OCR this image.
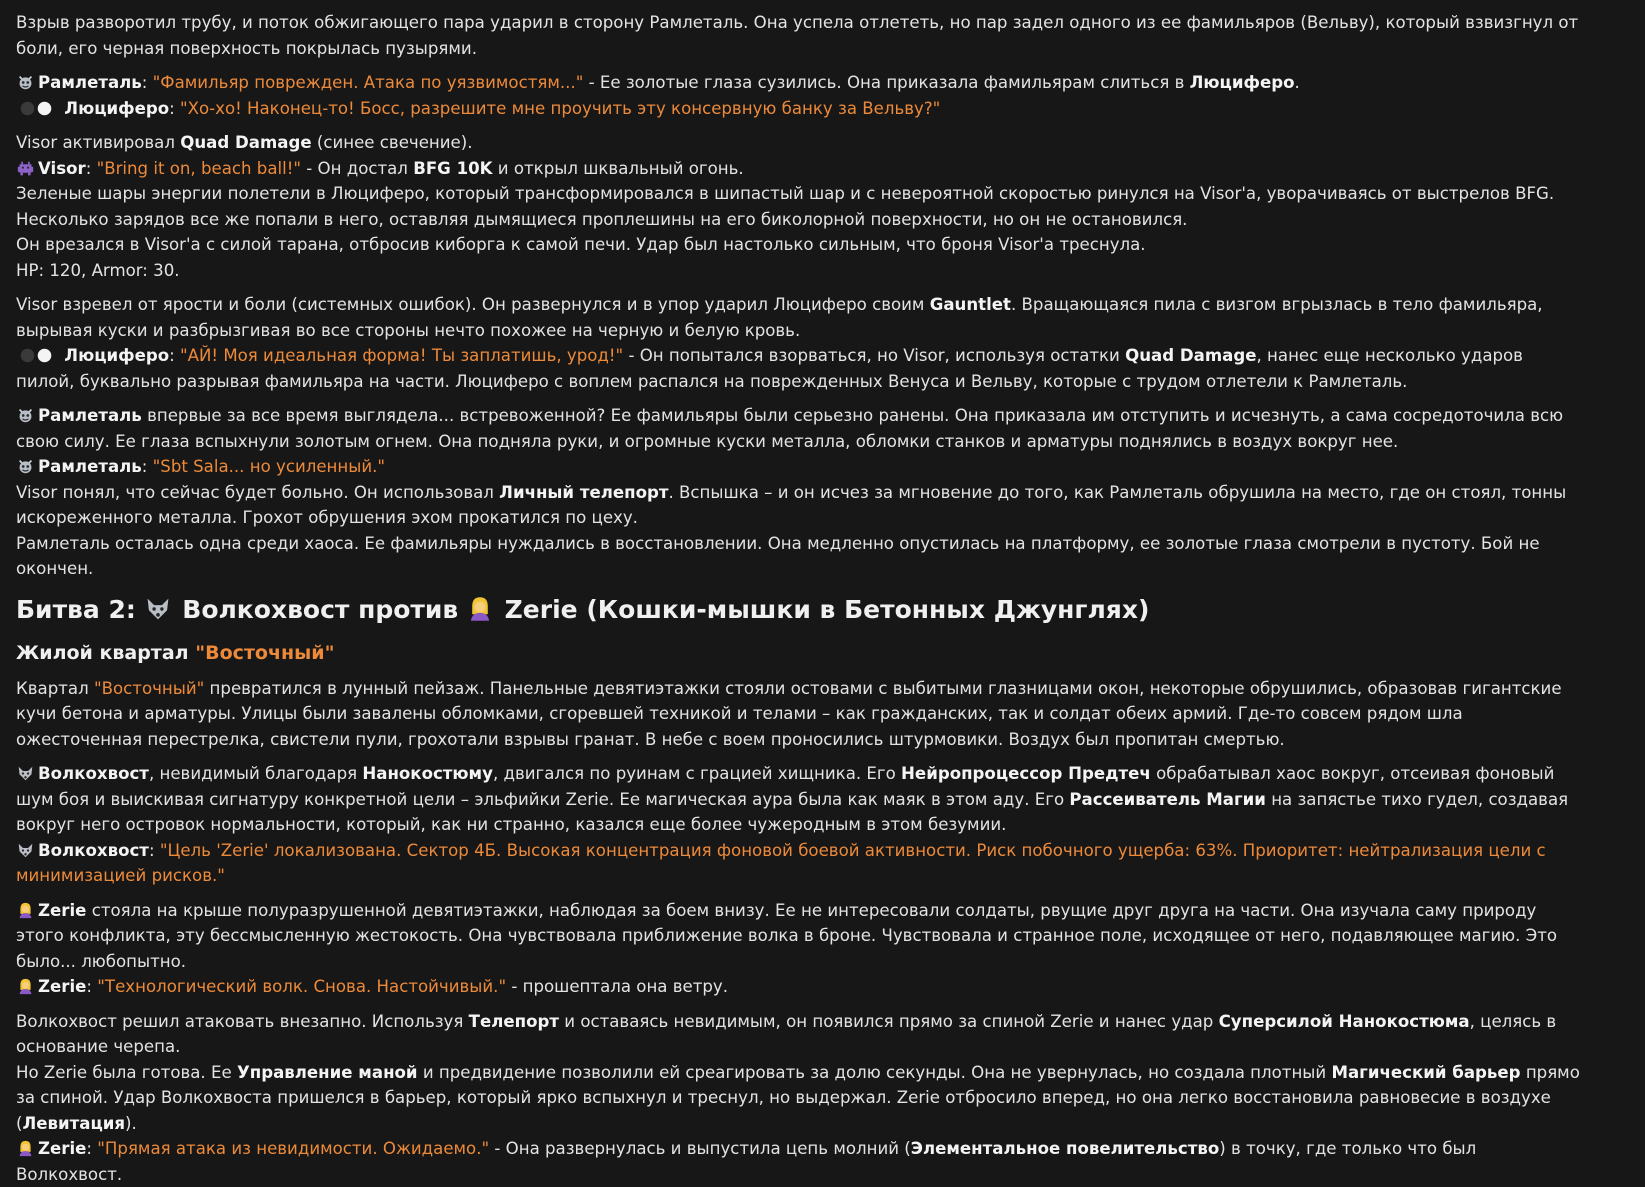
Взрыв разворотил трубу, и поток обжигающего пара ударил в сторону Рамлеталь. Она успела отлететь, но пар задел одного из ее фамильяров (Вельву), который взвизгнул от боли, его черная поверхность покрылась пузырями.

Рамлеталь: "Фамильяр поврежден. Атака по уязвимостям..." - Ее золотые глаза сузились. Она приказала фамильярам слиться в Люциферо.

Люциферо: "Хо-хо! Наконец-то! Босс, разрешите мне проучить эту консервную банку за Вельву?"

Visor активировал Quad Damage (синее свечение).

Visor: "Bring it on, beach ball!" - Он достал BFG 10K и открыл шквальный огонь.

Зеленые шары энергии полетели в Люциферо, который трансформировался в шипастый шар и с невероятной скоростью ринулся на Visor'a, уворачиваясь от выстрелов BFG. Несколько зарядов все же попали в него, оставляя дымящиеся проплешины на его биколорной поверхности, но он не остановился.

Он врезался в Visor'a с силой тарана, отбросив киборга к самой печи. Удар был настолько сильным, что броня Visor'a треснула.

HP: 120, Armor: 30.

Visor взревел от ярости и боли (системных ошибок). Он развернулся и в упор ударил Люциферо своим Gauntlet. Вращающаяся пила с визгом вгрызлась в тело фамильяра, вырывая куски и разбрызгивая во все стороны нечто похожее на черную и белую кровь.

Люциферо: "АЙ! Моя идеальная форма! Ты заплатишь, урод!" - Он попытался взорваться, но Visor, используя остатки Quad Damage, нанес еще несколько ударов пилой, буквально разрывая фамильяра на части. Люциферо с воплем распался на поврежденных Венуса и Вельву, которые с трудом отлетели к Рамлеталь.

Рамлеталь впервые за все время выглядела... встревоженной? Ее фамильяры были серьезно ранены. Она приказала им отступить и исчезнуть, а сама сосредоточила всю свою силу. Ее глаза вспыхнули золотым огнем. Она подняла руки, и огромные куски металла, обломки станков и арматуры поднялись в воздух вокруг нее.

Рамлеталь: "Sbt Sala... но усиленный."

Visor понял, что сейчас будет больно. Он использовал Личный телепорт. Вспышка – и он исчез за мгновение до того, как Рамлеталь обрушила на место, где он стоял, тонны искореженного металла. Грохот обрушения эхом прокатился по цеху.

Рамлеталь осталась одна среди хаоса. Ее фамильяры нуждались в восстановлении. Она медленно опустилась на платформу, ее золотые глаза смотрели в пустоту. Бой не окончен.

Битва 2:
Волкохвост против
Zerie (Кошки-мышки в Бетонных Джунглях)
Жилой квартал "Восточный"

Квартал "Восточный" превратился в лунный пейзаж. Панельные девятиэтажки стояли остовами с выбитыми глазницами окон, некоторые обрушились, образовав гигантские кучи бетона и арматуры. Улицы были завалены обломками, сгоревшей техникой и телами – как гражданских, так и солдат обеих армий. Где-то совсем рядом шла ожесточенная перестрелка, свистели пули, грохотали взрывы гранат. В небе с воем проносились штурмовики. Воздух был пропитан смертью.

Волкохвост, невидимый благодаря Нанокостюму, двигался по руинам с грацией хищника. Его Нейропроцессор Предтеч обрабатывал хаос вокруг, отсеивая фоновый шум боя и выискивая сигнатуру конкретной цели – эльфийки Zerie. Ее магическая аура была как маяк в этом аду. Его Рассеиватель Магии на запястье тихо гудел, создавая вокруг него островок нормальности, который, как ни странно, казался еще более чужеродным в этом безумии.

Волкохвост: "Цель 'Zerie' локализована. Сектор 4Б. Высокая концентрация фоновой боевой активности. Риск побочного ущерба: 63%. Приоритет: нейтрализация цели с минимизацией рисков."

Zerie стояла на крыше полуразрушенной девятиэтажки, наблюдая за боем внизу. Ее не интересовали солдаты, рвущие друг друга на части. Она изучала саму природу этого конфликта, эту бессмысленную жестокость. Она чувствовала приближение волка в броне. Чувствовала и странное поле, исходящее от него, подавляющее магию. Это было... любопытно.

Zerie: "Технологический волк. Снова. Настойчивый." - прошептала она ветру.

Волкохвост решил атаковать внезапно. Используя Телепорт и оставаясь невидимым, он появился прямо за спиной Zerie и нанес удар Суперсилой Нанокостюма, целясь в основание черепа.

Но Zerie была готова. Ее Управление маной и предвидение позволили ей среагировать за долю секунды. Она не увернулась, но создала плотный Магический барьер прямо за спиной. Удар Волкохвоста пришелся в барьер, который ярко вспыхнул и треснул, но выдержал. Zerie отбросило вперед, но она легко восстановила равновесие в воздухе (Левитация).

Zerie: "Прямая атака из невидимости. Ожидаемо." - Она развернулась и выпустила цепь молний (Элементальное повелительство) в точку, где только что был Волкохвост.
